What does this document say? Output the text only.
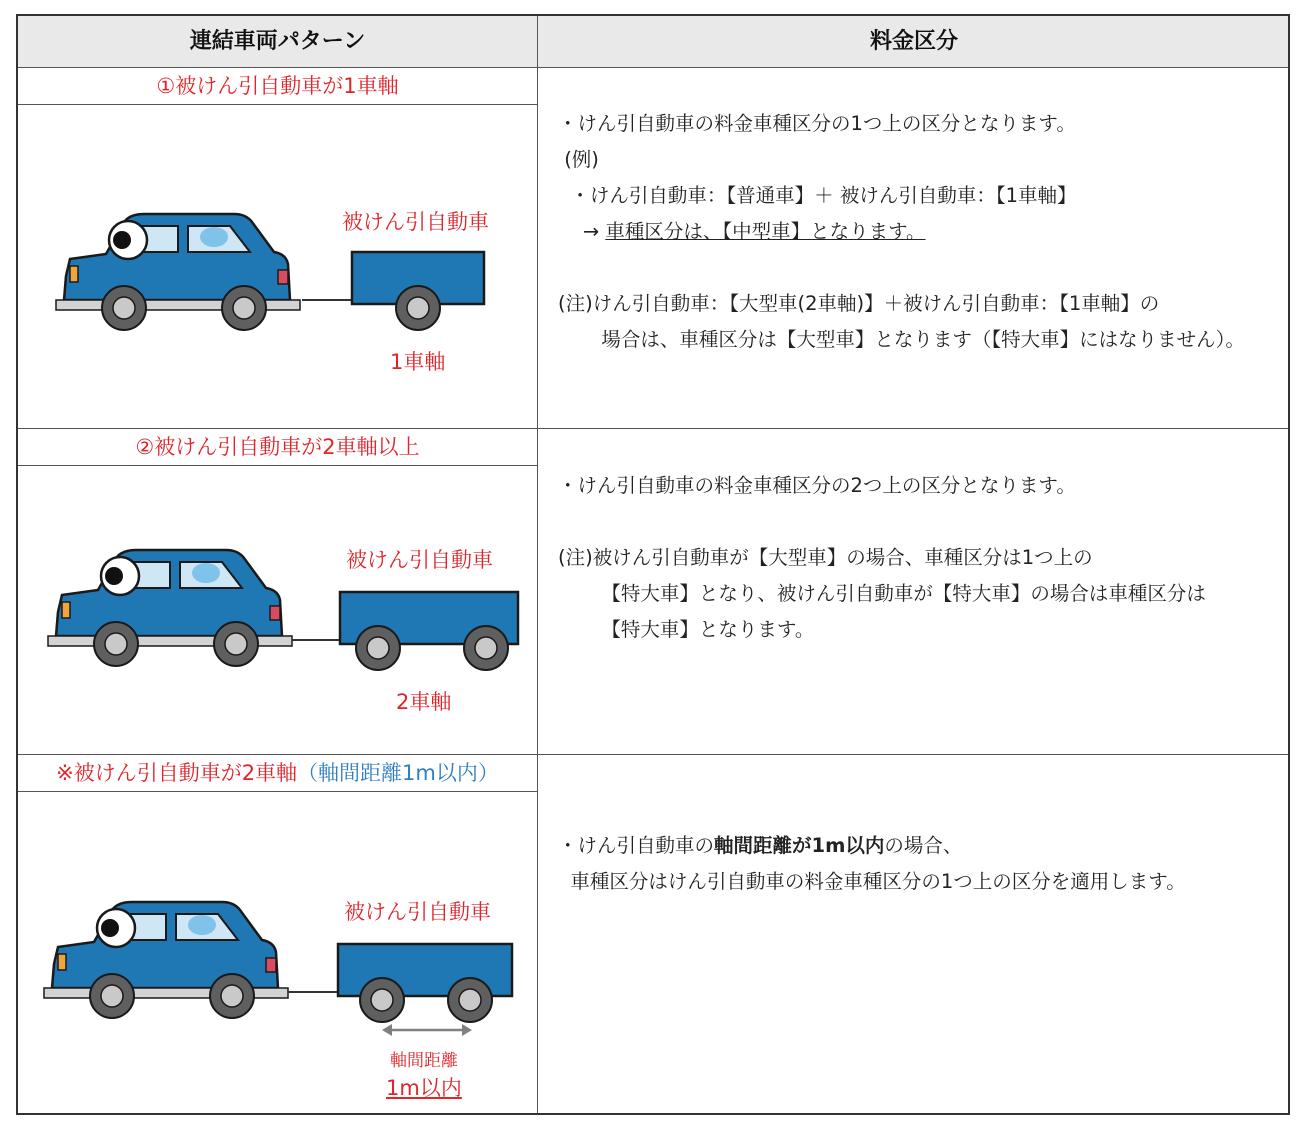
連結車両パターン	料金区分
①被けん引自動車が1車軸
被けん引自動車
1車軸

・けん引自動車の料金車種区分の1つ上の区分となります。

(例)

・けん引自動車：【普通車】＋ 被けん引自動車：【1車軸】

→ 車種区分は、【中型車】となります。

(注)けん引自動車：【大型車(2車軸)】＋被けん引自動車：【1車軸】の

場合は、車種区分は【大型車】となります（【特大車】にはなりません）。

②被けん引自動車が2車軸以上
被けん引自動車
2車軸

・けん引自動車の料金車種区分の2つ上の区分となります。

(注)被けん引自動車が【大型車】の場合、車種区分は1つ上の

【特大車】となり、被けん引自動車が【特大車】の場合は車種区分は

【特大車】となります。

※被けん引自動車が2車軸（軸間距離1m以内）
被けん引自動車
軸間距離
1m以内

・けん引自動車の軸間距離が1m以内の場合、

車種区分はけん引自動車の料金車種区分の1つ上の区分を適用します。
